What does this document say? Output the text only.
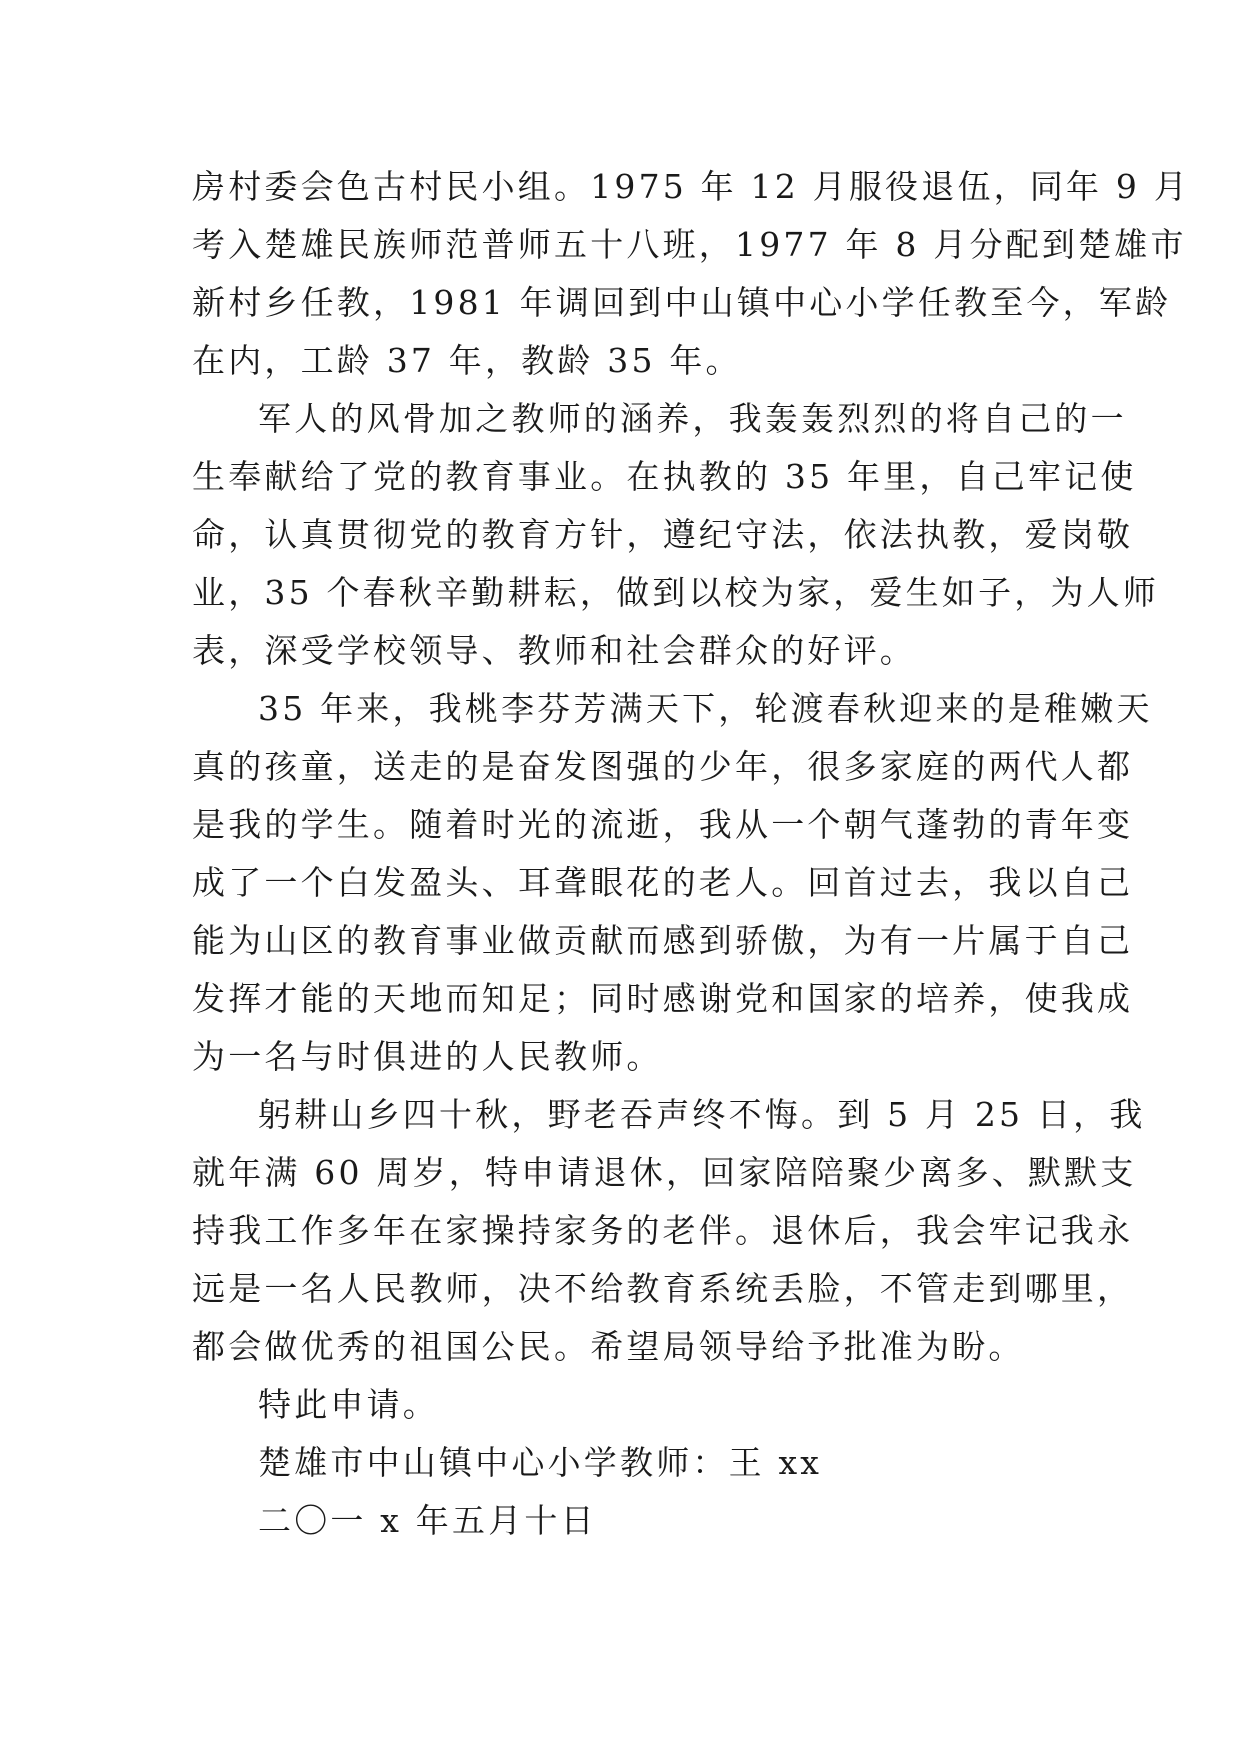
房村委会色古村民小组。1975 年 12 月服役退伍，同年 9 月
考入楚雄民族师范普师五十八班，1977 年 8 月分配到楚雄市
新村乡任教，1981 年调回到中山镇中心小学任教至今，军龄
在内，工龄 37 年，教龄 35 年。

军人的风骨加之教师的涵养，我轰轰烈烈的将自己的一
生奉献给了党的教育事业。在执教的 35 年里，自己牢记使
命，认真贯彻党的教育方针，遵纪守法，依法执教，爱岗敬
业，35 个春秋辛勤耕耘，做到以校为家，爱生如子，为人师
表，深受学校领导、教师和社会群众的好评。

35 年来，我桃李芬芳满天下，轮渡春秋迎来的是稚嫩天
真的孩童，送走的是奋发图强的少年，很多家庭的两代人都
是我的学生。随着时光的流逝，我从一个朝气蓬勃的青年变
成了一个白发盈头、耳聋眼花的老人。回首过去，我以自己
能为山区的教育事业做贡献而感到骄傲，为有一片属于自己
发挥才能的天地而知足；同时感谢党和国家的培养，使我成
为一名与时俱进的人民教师。

躬耕山乡四十秋，野老吞声终不悔。到 5 月 25 日，我
就年满 60 周岁，特申请退休，回家陪陪聚少离多、默默支
持我工作多年在家操持家务的老伴。退休后，我会牢记我永
远是一名人民教师，决不给教育系统丢脸，不管走到哪里，
都会做优秀的祖国公民。希望局领导给予批准为盼。

特此申请。

楚雄市中山镇中心小学教师：王 xx

二〇一 x 年五月十日
